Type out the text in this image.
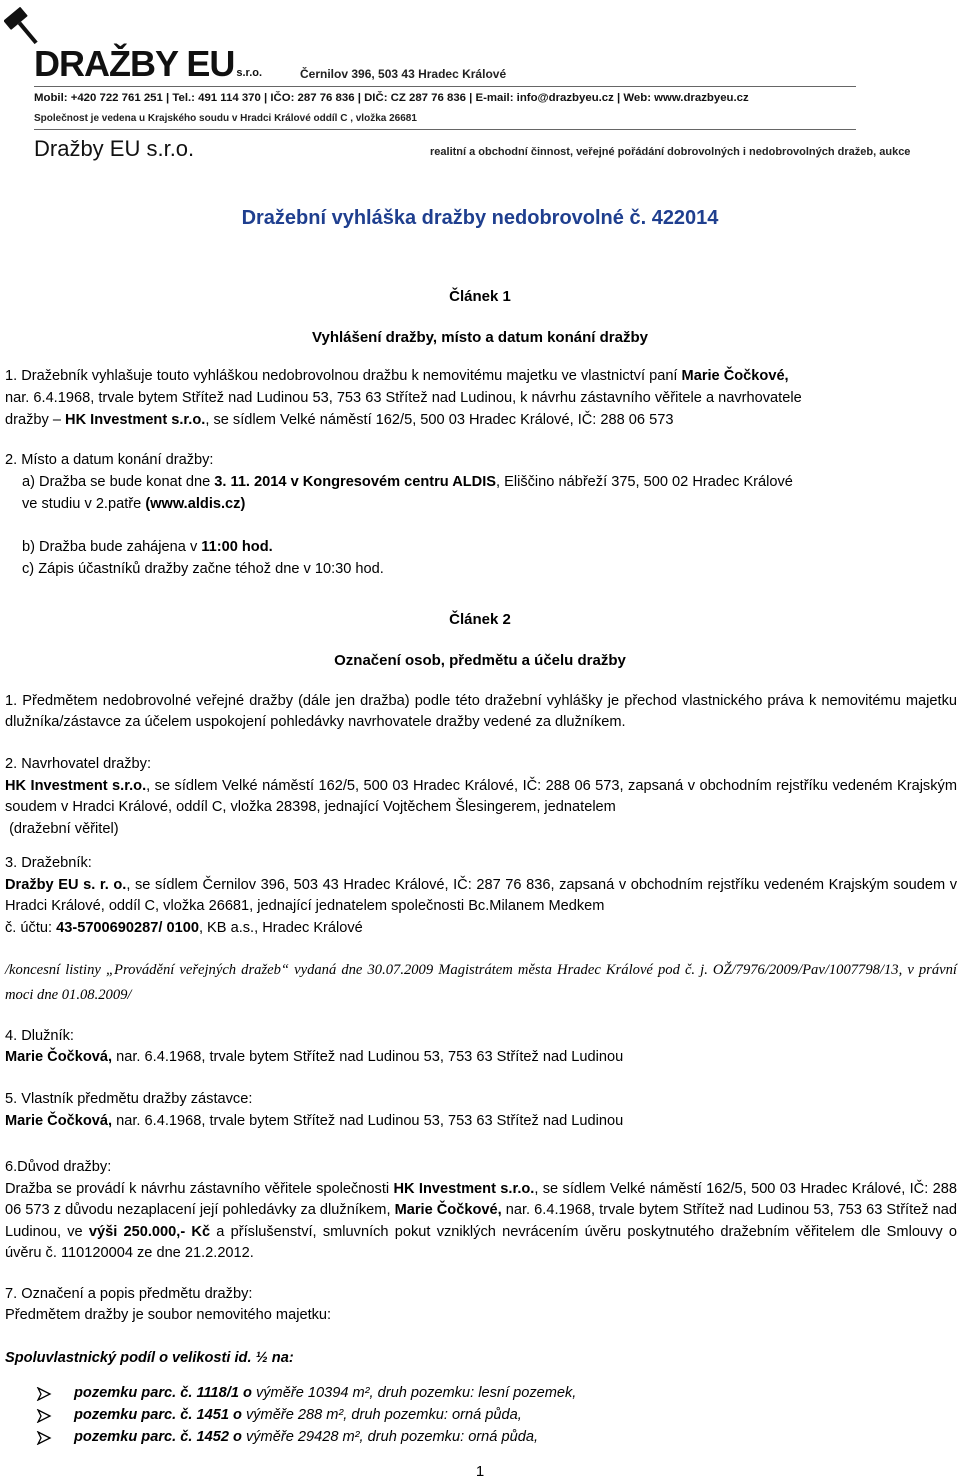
DRAŽBY EU s.r.o.	Černilov 396, 503 43 Hradec Králové
Mobil: +420 722 761 251 | Tel.: 491 114 370 | IČO: 287 76 836 | DIČ: CZ 287 76 836 | E-mail: info@drazbyeu.cz | Web: www.drazbyeu.cz
Společnost je vedena u Krajského soudu v Hradci Králové oddíl C , vložka 26681
Dražby EU s.r.o.	realitní a obchodní činnost, veřejné pořádání dobrovolných i nedobrovolných dražeb, aukce
Dražební vyhláška dražby nedobrovolné č. 422014
Článek 1
Vyhlášení dražby, místo a datum konání dražby
1. Dražebník vyhlašuje touto vyhláškou nedobrovolnou dražbu k nemovitému majetku ve vlastnictví paní Marie Čočkové,
nar. 6.4.1968, trvale bytem Střítež nad Ludinou 53, 753 63 Střítež nad Ludinou, k návrhu zástavního věřitele a navrhovatele
dražby – HK Investment s.r.o., se sídlem Velké náměstí 162/5, 500 03 Hradec Králové, IČ: 288 06 573
2. Místo a datum konání dražby:
a) Dražba se bude konat dne 3. 11. 2014 v Kongresovém centru ALDIS, Eliščino nábřeží 375, 500 02 Hradec Králové
ve studiu v 2.patře (www.aldis.cz)
b) Dražba bude zahájena v 11:00 hod.
c) Zápis účastníků dražby začne téhož dne v 10:30 hod.
Článek 2
Označení osob, předmětu a účelu dražby
1. Předmětem nedobrovolné veřejné dražby (dále jen dražba) podle této dražební vyhlášky je přechod vlastnického práva k nemovitému majetku dlužníka/zástavce za účelem uspokojení pohledávky navrhovatele dražby vedené za dlužníkem.
2. Navrhovatel dražby:
HK Investment s.r.o., se sídlem Velké náměstí 162/5, 500 03 Hradec Králové, IČ: 288 06 573, zapsaná v obchodním rejstříku vedeném Krajským soudem v Hradci Králové, oddíl C, vložka 28398, jednající Vojtěchem Šlesingerem, jednatelem
(dražební věřitel)
3. Dražebník:
Dražby EU s. r. o., se sídlem Černilov 396, 503 43 Hradec Králové, IČ: 287 76 836, zapsaná v obchodním rejstříku vedeném Krajským soudem v Hradci Králové, oddíl C, vložka 26681, jednající jednatelem společnosti Bc.Milanem Medkem
č. účtu: 43-5700690287/ 0100, KB a.s., Hradec Králové
/koncesní listiny „Provádění veřejných dražeb“ vydaná dne 30.07.2009 Magistrátem města Hradec Králové pod č. j. OŽ/7976/2009/Pav/1007798/13, v právní moci dne 01.08.2009/
4. Dlužník:
Marie Čočková, nar. 6.4.1968, trvale bytem Střítež nad Ludinou 53, 753 63 Střítež nad Ludinou
5. Vlastník předmětu dražby zástavce:
Marie Čočková, nar. 6.4.1968, trvale bytem Střítež nad Ludinou 53, 753 63 Střítež nad Ludinou
6.Důvod dražby:
Dražba se provádí k návrhu zástavního věřitele společnosti HK Investment s.r.o., se sídlem Velké náměstí 162/5, 500 03 Hradec Králové, IČ: 288 06 573 z důvodu nezaplacení její pohledávky za dlužníkem, Marie Čočkové, nar. 6.4.1968, trvale bytem Střítež nad Ludinou 53, 753 63 Střítež nad Ludinou, ve výši 250.000,- Kč a příslušenství, smluvních pokut vzniklých nevrácením úvěru poskytnutého dražebním věřitelem dle Smlouvy o úvěru č. 110120004 ze dne 21.2.2012.
7. Označení a popis předmětu dražby:
Předmětem dražby je soubor nemovitého majetku:
Spoluvlastnický podíl o velikosti id. ½ na:
pozemku parc. č. 1118/1 o výměře 10394 m², druh pozemku: lesní pozemek,
pozemku parc. č. 1451 o výměře 288 m², druh pozemku: orná půda,
pozemku parc. č. 1452 o výměře 29428 m², druh pozemku: orná půda,
1
